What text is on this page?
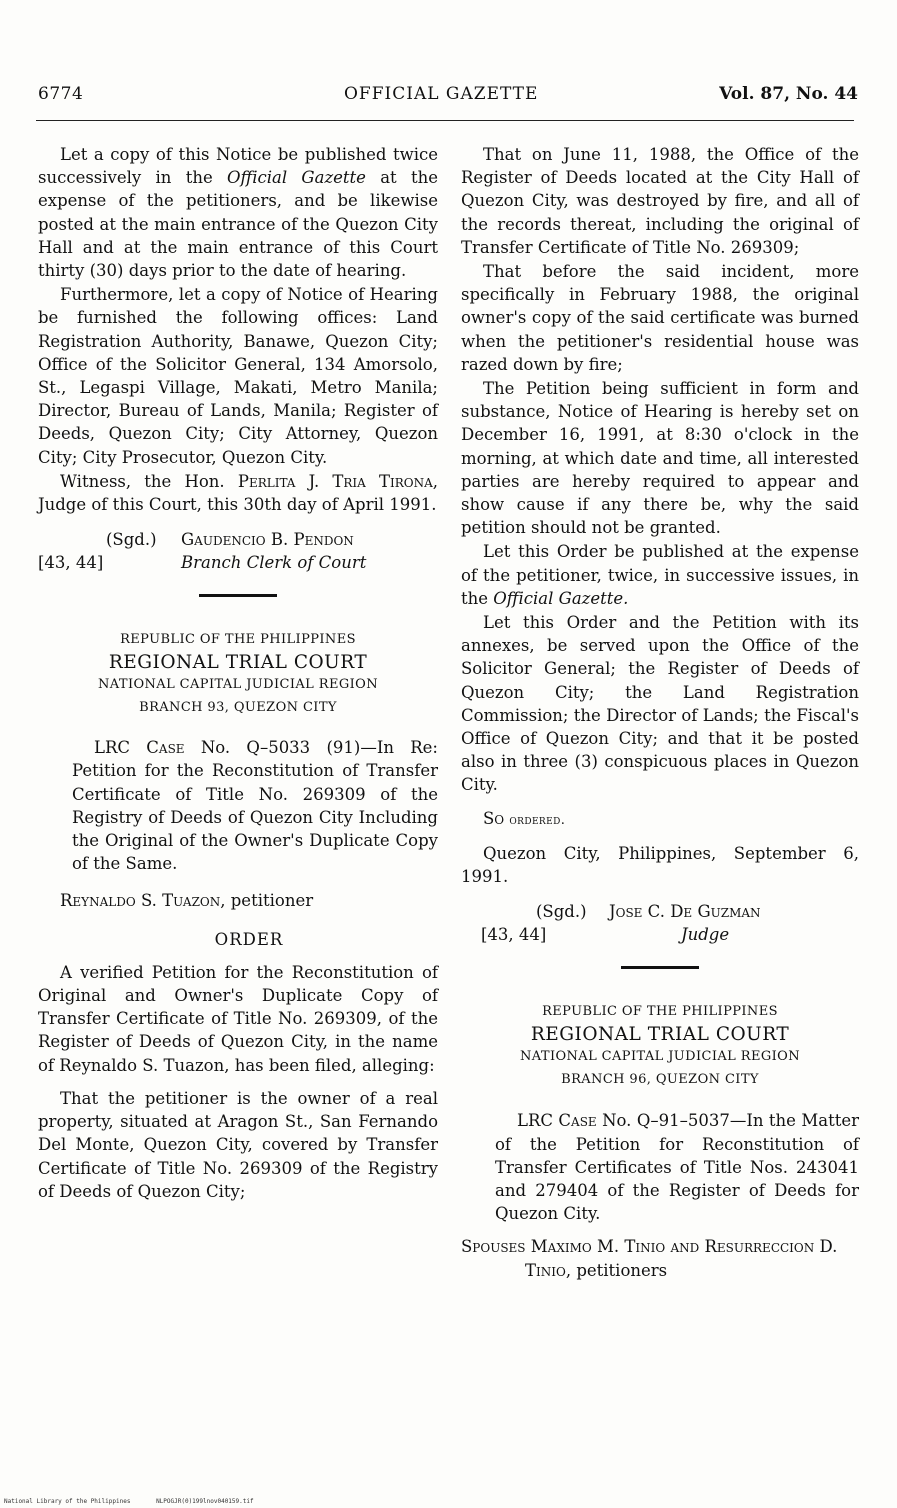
6774	OFFICIAL GAZETTE	Vol. 87, No. 44

Let a copy of this Notice be published twice successively in the Official Gazette at the expense of the petitioners, and be likewise posted at the main entrance of the Quezon City Hall and at the main entrance of this Court thirty (30) days prior to the date of hearing.

Furthermore, let a copy of Notice of Hearing be furnished the following offices: Land Registration Authority, Banawe, Quezon City; Office of the Solicitor General, 134 Amorsolo, St., Legaspi Village, Makati, Metro Manila; Director, Bureau of Lands, Manila; Register of Deeds, Quezon City; City Attorney, Quezon City; City Prosecutor, Quezon City.

Witness, the Hon. Perlita J. Tria Tirona, Judge of this Court, this 30th day of April 1991.

(Sgd.) Gaudencio B. Pendon
[43, 44]	Branch Clerk of Court
REPUBLIC OF THE PHILIPPINES
REGIONAL TRIAL COURT
NATIONAL CAPITAL JUDICIAL REGION
BRANCH 93, QUEZON CITY

LRC Case No. Q–5033 (91)—In Re: Petition for the Reconstitution of Transfer Certificate of Title No. 269309 of the Registry of Deeds of Quezon City Including the Original of the Owner's Duplicate Copy of the Same.

Reynaldo S. Tuazon, petitioner

ORDER

A verified Petition for the Reconstitution of Original and Owner's Duplicate Copy of Transfer Certificate of Title No. 269309, of the Register of Deeds of Quezon City, in the name of Reynaldo S. Tuazon, has been filed, alleging:

That the petitioner is the owner of a real property, situated at Aragon St., San Fernando Del Monte, Quezon City, covered by Transfer Certificate of Title No. 269309 of the Registry of Deeds of Quezon City;

That on June 11, 1988, the Office of the Register of Deeds located at the City Hall of Quezon City, was destroyed by fire, and all of the records thereat, including the original of Transfer Certificate of Title No. 269309;

That before the said incident, more specifically in February 1988, the original owner's copy of the said certificate was burned when the petitioner's residential house was razed down by fire;

The Petition being sufficient in form and substance, Notice of Hearing is hereby set on December 16, 1991, at 8:30 o'clock in the morning, at which date and time, all interested parties are hereby required to appear and show cause if any there be, why the said petition should not be granted.

Let this Order be published at the expense of the petitioner, twice, in successive issues, in the Official Gazette.

Let this Order and the Petition with its annexes, be served upon the Office of the Solicitor General; the Register of Deeds of Quezon City; the Land Registration Commission; the Director of Lands; the Fiscal's Office of Quezon City; and that it be posted also in three (3) conspicuous places in Quezon City.

So ordered.

Quezon City, Philippines, September 6, 1991.

(Sgd.) Jose C. De Guzman
[43, 44]	Judge
REPUBLIC OF THE PHILIPPINES
REGIONAL TRIAL COURT
NATIONAL CAPITAL JUDICIAL REGION
BRANCH 96, QUEZON CITY

LRC Case No. Q–91–5037—In the Matter of the Petition for Reconstitution of Transfer Certificates of Title Nos. 243041 and 279404 of the Register of Deeds for Quezon City.

Spouses Maximo M. Tinio and Resurreccion D. Tinio, petitioners

National Library of the Philippines	NLPOGJR(0)199lnov040159.tif
